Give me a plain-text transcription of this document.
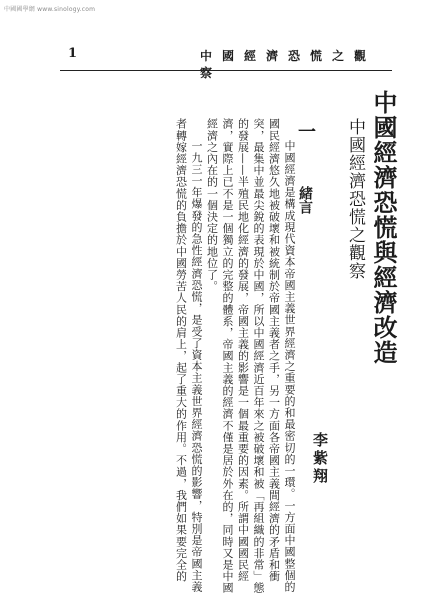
中國國學網 www.sinology.com
1	中國經濟恐慌之觀察
中國經濟恐慌與經濟改造
中國經濟恐慌之觀察
李紫翔
一 　 緒言

中國經濟是構成現代資本帝國主義世界經濟之重要的和最密切的一環。一方面中國整個的國民經濟悠久地被破壞和被統制於帝國主義者之手，另一方面各帝國主義間經濟的矛盾和衝突，最集中並最尖銳的表現於中國，所以中國經濟近百年來之被破壞和被「再組織的非常」態的發展——半殖民地化經濟的發展，帝國主義的影響是一個最重要的因素。所謂中國國民經濟，實際上已不是一個獨立的完整的體系，帝國主義的經濟不僅是居於外在的，同時又是中國經濟之內在的一個決定的地位了。

一九三一年爆發的急性經濟恐慌，是受了資本主義世界經濟恐慌的影響，特別是帝國主義者轉嫁經濟恐慌的負擔於中國勞苦人民的肩上，起了重大的作用。不過，我們如果要完全的
